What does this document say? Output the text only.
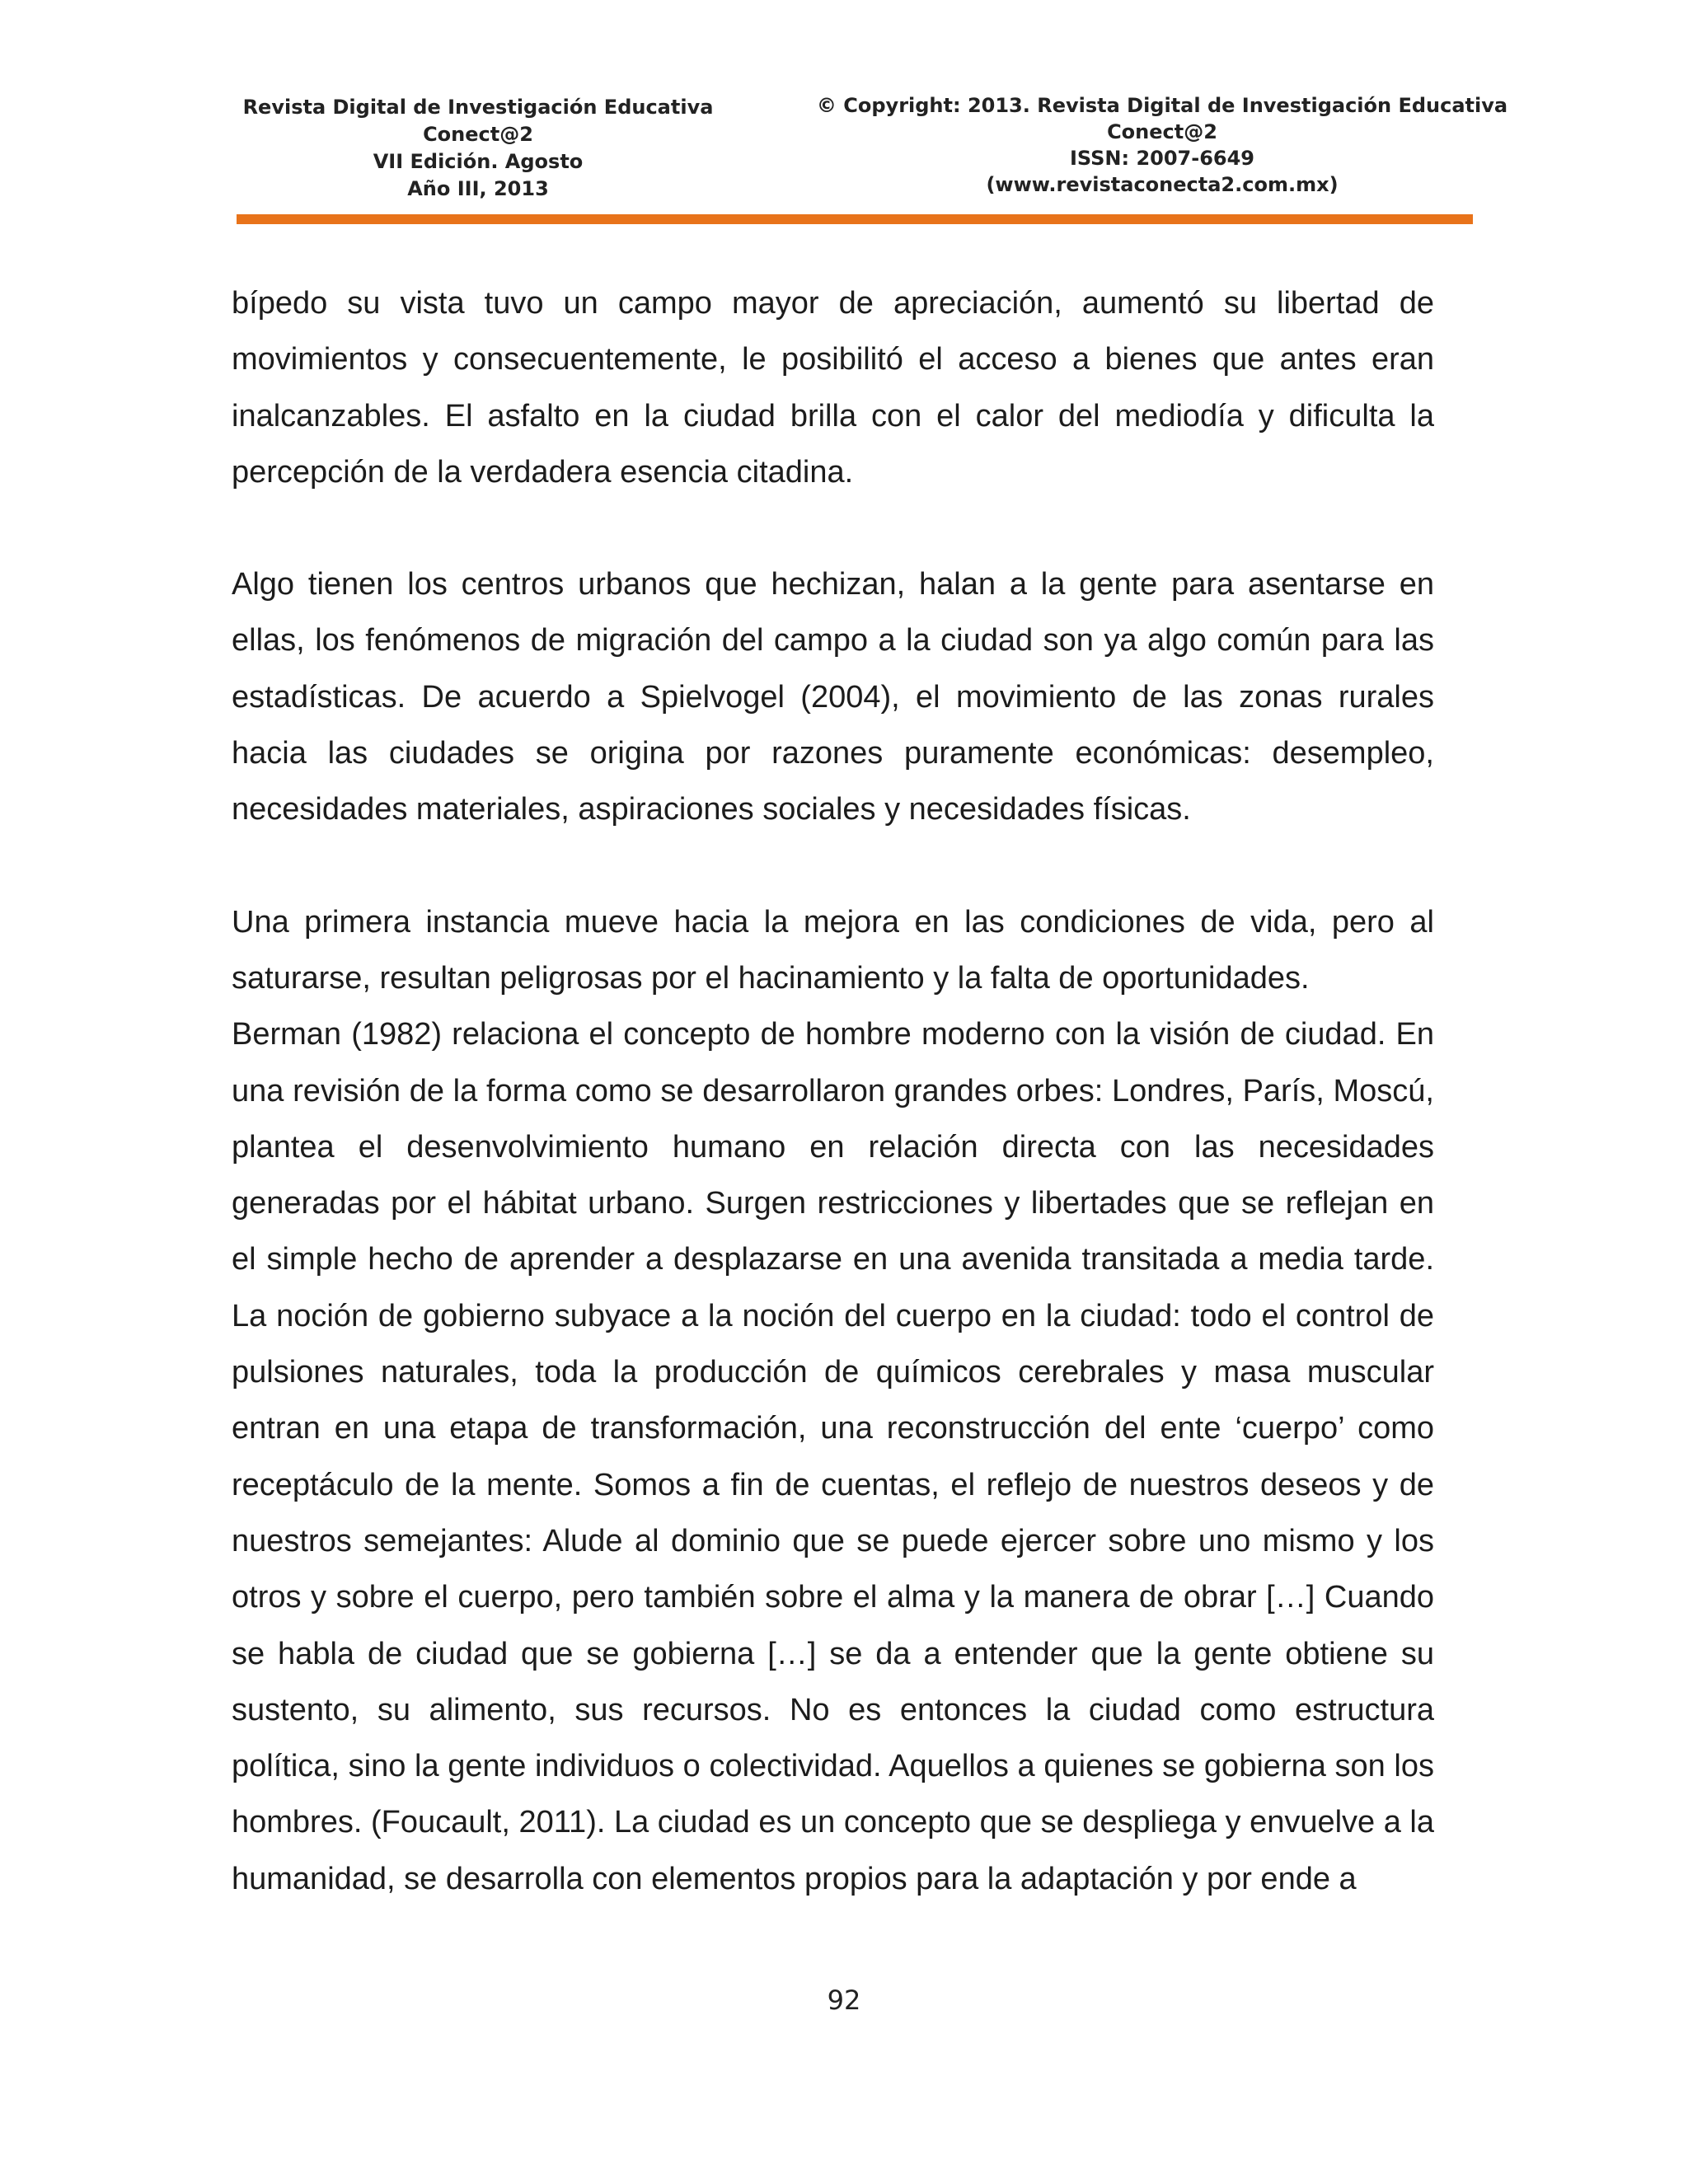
Revista Digital de Investigación Educativa
Conect@2
VII Edición. Agosto
Año III, 2013
© Copyright: 2013. Revista Digital de Investigación Educativa
Conect@2
ISSN: 2007-6649
(www.revistaconecta2.com.mx)

bípedo su vista tuvo un campo mayor de apreciación, aumentó su libertad de movimientos y consecuentemente, le posibilitó el acceso a bienes que antes eran inalcanzables. El asfalto en la ciudad brilla con el calor del mediodía y dificulta la percepción de la verdadera esencia citadina.

Algo tienen los centros urbanos que hechizan, halan a la gente para asentarse en ellas, los fenómenos de migración del campo a la ciudad son ya algo común para las estadísticas. De acuerdo a Spielvogel (2004), el movimiento de las zonas rurales hacia las ciudades se origina por razones puramente económicas: desempleo, necesidades materiales, aspiraciones sociales y necesidades físicas.

Una primera instancia mueve hacia la mejora en las condiciones de vida, pero al saturarse, resultan peligrosas por el hacinamiento y la falta de oportunidades.

Berman (1982) relaciona el concepto de hombre moderno con la visión de ciudad. En una revisión de la forma como se desarrollaron grandes orbes: Londres, París, Moscú, plantea el desenvolvimiento humano en relación directa con las necesidades generadas por el hábitat urbano. Surgen restricciones y libertades que se reflejan en el simple hecho de aprender a desplazarse en una avenida transitada a media tarde. La noción de gobierno subyace a la noción del cuerpo en la ciudad: todo el control de pulsiones naturales, toda la producción de químicos cerebrales y masa muscular entran en una etapa de transformación, una reconstrucción del ente ‘cuerpo’ como receptáculo de la mente. Somos a fin de cuentas, el reflejo de nuestros deseos y de nuestros semejantes: Alude al dominio que se puede ejercer sobre uno mismo y los otros y sobre el cuerpo, pero también sobre el alma y la manera de obrar […] Cuando se habla de ciudad que se gobierna […] se da a entender que la gente obtiene su sustento, su alimento, sus recursos. No es entonces la ciudad como estructura política, sino la gente individuos o colectividad. Aquellos a quienes se gobierna son los hombres. (Foucault, 2011). La ciudad es un concepto que se despliega y envuelve a la humanidad, se desarrolla con elementos propios para la adaptación y por ende a

92
